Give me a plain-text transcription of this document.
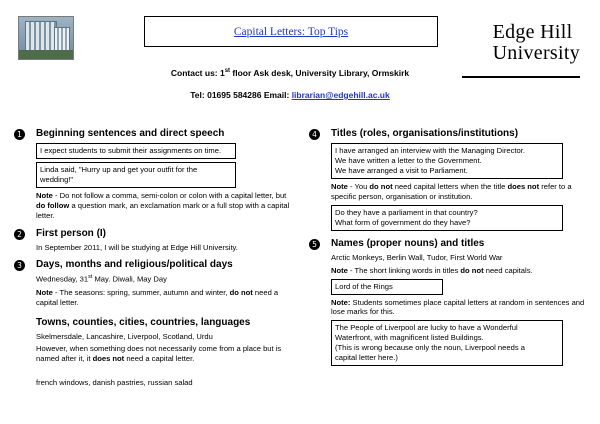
Capital Letters: Top Tips
Contact us: 1st floor Ask desk, University Library, Ormskirk
Tel: 01695 584286 Email: librarian@edgehill.ac.uk
Edge Hill
University
1	Beginning sentences and direct speech
I expect students to submit their assignments on time.
Linda said, "Hurry up and get your outfit for the wedding!"
Note - Do not follow a comma, semi-colon or colon with a capital letter, but do follow a question mark, an exclamation mark or a full stop with a capital letter.
2	First person (I)
In September 2011, I will be studying at Edge Hill University.
3	Days, months and religious/political days
Wednesday, 31st May. Diwali, May Day
Note - The seasons: spring, summer, autumn and winter, do not need a capital letter.
Towns, counties, cities, countries, languages
Skelmersdale, Lancashire, Liverpool, Scotland, Urdu
However, when something does not necessarily come from a place but is named after it, it does not need a capital letter.
french windows, danish pastries, russian salad
4	Titles (roles, organisations/institutions)
I have arranged an interview with the Managing Director.
We have written a letter to the Government.
We have arranged a visit to Parliament.
Note - You do not need capital letters when the title does not refer to a specific person, organisation or institution.
Do they have a parliament in that country?
What form of government do they have?
5	Names (proper nouns) and titles
Arctic Monkeys, Berlin Wall, Tudor, First World War
Note - The short linking words in titles do not need capitals.
Lord of the Rings
Note: Students sometimes place capital letters at random in sentences and lose marks for this.
The People of Liverpool are lucky to have a Wonderful
Waterfront, with magnificent listed Buildings.
(This is wrong because only the noun, Liverpool needs a
capital letter here.)
